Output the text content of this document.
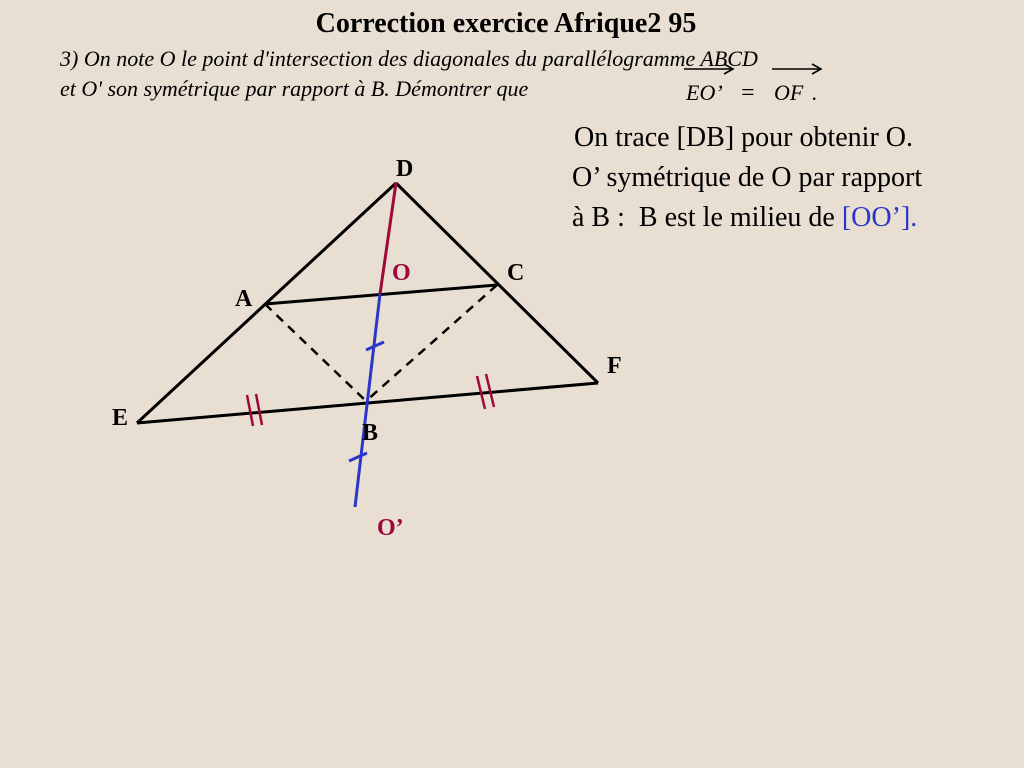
Correction exercice Afrique2 95
3) On note O le point d'intersection des diagonales du parallélogramme ABCD
et O' son symétrique par rapport à B. Démontrer que	EO’ = OF .
On trace [DB] pour obtenir O.
O’ symétrique de O par rapport
à B : B est le milieu de [OO’].
D
C
A
O
F
E
B
O’
